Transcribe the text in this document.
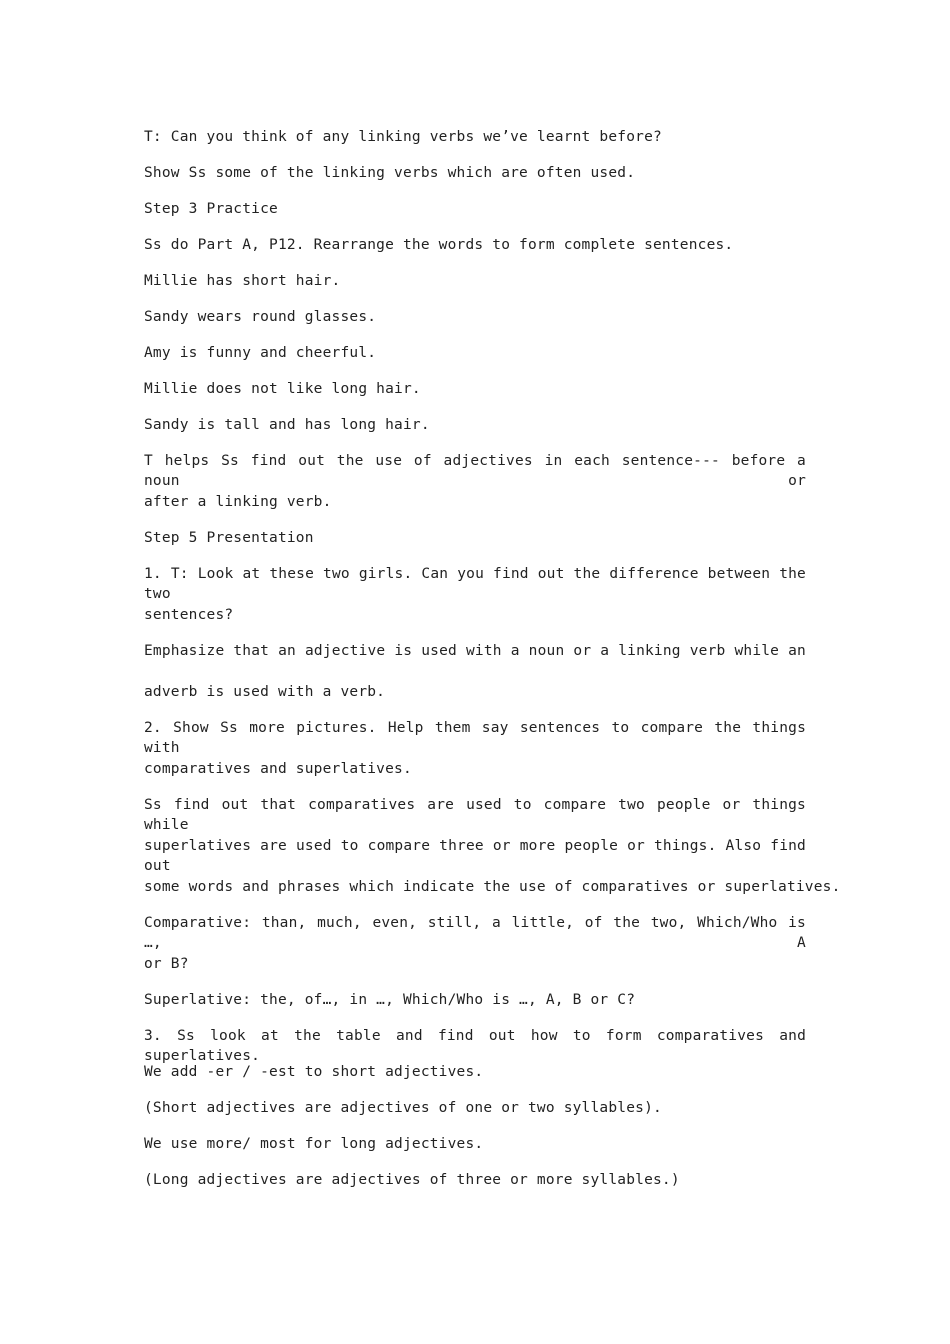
T: Can you think of any linking verbs we’ve learnt before?
Show Ss some of the linking verbs which are often used.
Step 3 Practice
Ss do Part A, P12. Rearrange the words to form complete sentences.
Millie has short hair.
Sandy wears round glasses.
Amy is funny and cheerful.
Millie does not like long hair.
Sandy is tall and has long hair.
T helps Ss find out the use of adjectives in each sentence--- before a noun or
after a linking verb.
Step 5 Presentation
1. T: Look at these two girls. Can you find out the difference between the two
sentences?
Emphasize that an adjective is used with a noun or a linking verb while an
adverb is used with a verb.
2. Show Ss more pictures. Help them say sentences to compare the things with
comparatives and superlatives.
Ss find out that comparatives are used to compare two people or things while
superlatives are used to compare three or more people or things. Also find out
some words and phrases which indicate the use of comparatives or superlatives.
Comparative: than, much, even, still, a little, of the two, Which/Who is …, A
or B?
Superlative: the, of…, in …, Which/Who is …, A, B or C?
3. Ss look at the table and find out how to form comparatives and superlatives.
We add -er / -est to short adjectives.
(Short adjectives are adjectives of one or two syllables).
We use more/ most for long adjectives.
(Long adjectives are adjectives of three or more syllables.)
